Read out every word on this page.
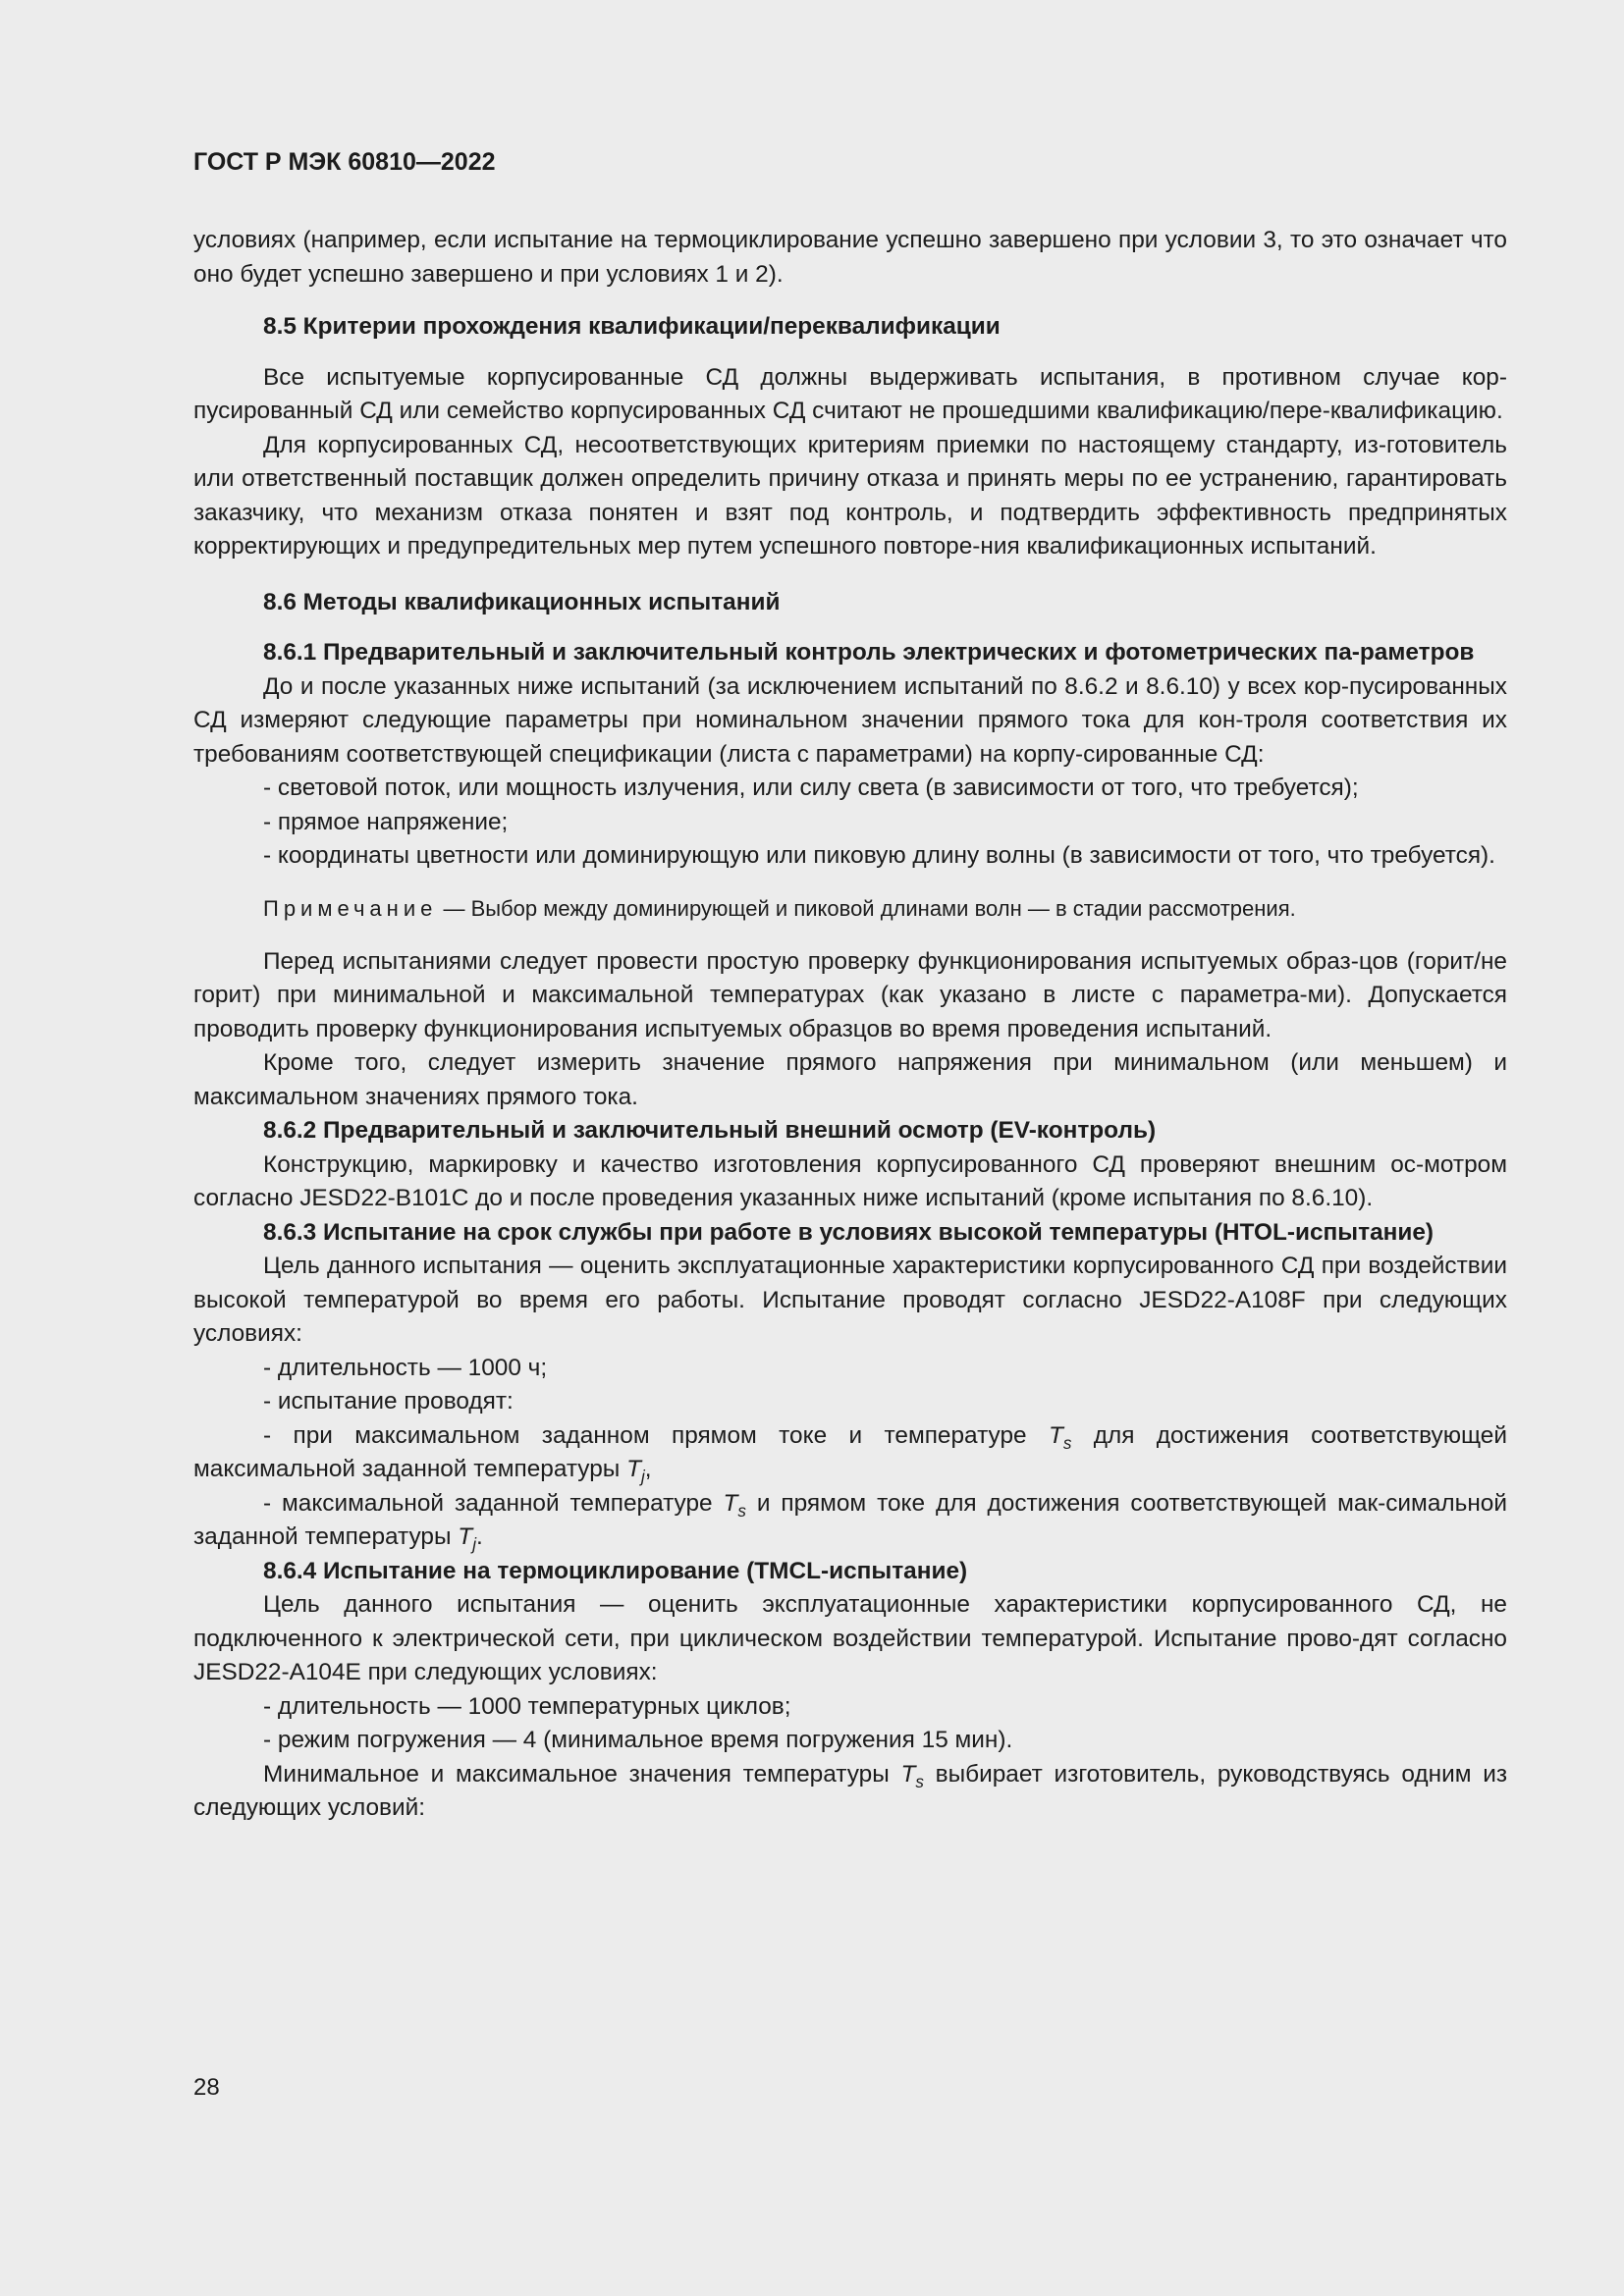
ГОСТ Р МЭК 60810—2022

условиях (например, если испытание на термоциклирование успешно завершено при условии 3, то это означает что оно будет успешно завершено и при условиях 1 и 2).

8.5 Критерии прохождения квалификации/переквалификации

Все испытуемые корпусированные СД должны выдерживать испытания, в противном случае кор-пусированный СД или семейство корпусированных СД считают не прошедшими квалификацию/пере-квалификацию.

Для корпусированных СД, несоответствующих критериям приемки по настоящему стандарту, из-готовитель или ответственный поставщик должен определить причину отказа и принять меры по ее устранению, гарантировать заказчику, что механизм отказа понятен и взят под контроль, и подтвердить эффективность предпринятых корректирующих и предупредительных мер путем успешного повторе-ния квалификационных испытаний.

8.6 Методы квалификационных испытаний

8.6.1 Предварительный и заключительный контроль электрических и фотометрических па-раметров

До и после указанных ниже испытаний (за исключением испытаний по 8.6.2 и 8.6.10) у всех кор-пусированных СД измеряют следующие параметры при номинальном значении прямого тока для кон-троля соответствия их требованиям соответствующей спецификации (листа с параметрами) на корпу-сированные СД:

- световой поток, или мощность излучения, или силу света (в зависимости от того, что требуется);

- прямое напряжение;

- координаты цветности или доминирующую или пиковую длину волны (в зависимости от того, что требуется).

Примечание — Выбор между доминирующей и пиковой длинами волн — в стадии рассмотрения.

Перед испытаниями следует провести простую проверку функционирования испытуемых образ-цов (горит/не горит) при минимальной и максимальной температурах (как указано в листе с параметра-ми). Допускается проводить проверку функционирования испытуемых образцов во время проведения испытаний.

Кроме того, следует измерить значение прямого напряжения при минимальном (или меньшем) и максимальном значениях прямого тока.

8.6.2 Предварительный и заключительный внешний осмотр (EV-контроль)

Конструкцию, маркировку и качество изготовления корпусированного СД проверяют внешним ос-мотром согласно JESD22-B101C до и после проведения указанных ниже испытаний (кроме испытания по 8.6.10).

8.6.3 Испытание на срок службы при работе в условиях высокой температуры (HTOL-испытание)

Цель данного испытания — оценить эксплуатационные характеристики корпусированного СД при воздействии высокой температурой во время его работы. Испытание проводят согласно JESD22-A108F при следующих условиях:

- длительность — 1000 ч;

- испытание проводят:

- при максимальном заданном прямом токе и температуре $T_s$ для достижения соответствующей максимальной заданной температуры $T_j$,

- максимальной заданной температуре $T_s$ и прямом токе для достижения соответствующей мак-симальной заданной температуры $T_j$.

8.6.4 Испытание на термоциклирование (TMCL-испытание)

Цель данного испытания — оценить эксплуатационные характеристики корпусированного СД, не подключенного к электрической сети, при циклическом воздействии температурой. Испытание прово-дят согласно JESD22-A104E при следующих условиях:

- длительность — 1000 температурных циклов;

- режим погружения — 4 (минимальное время погружения 15 мин).

Минимальное и максимальное значения температуры $T_s$ выбирает изготовитель, руководствуясь одним из следующих условий:

28
